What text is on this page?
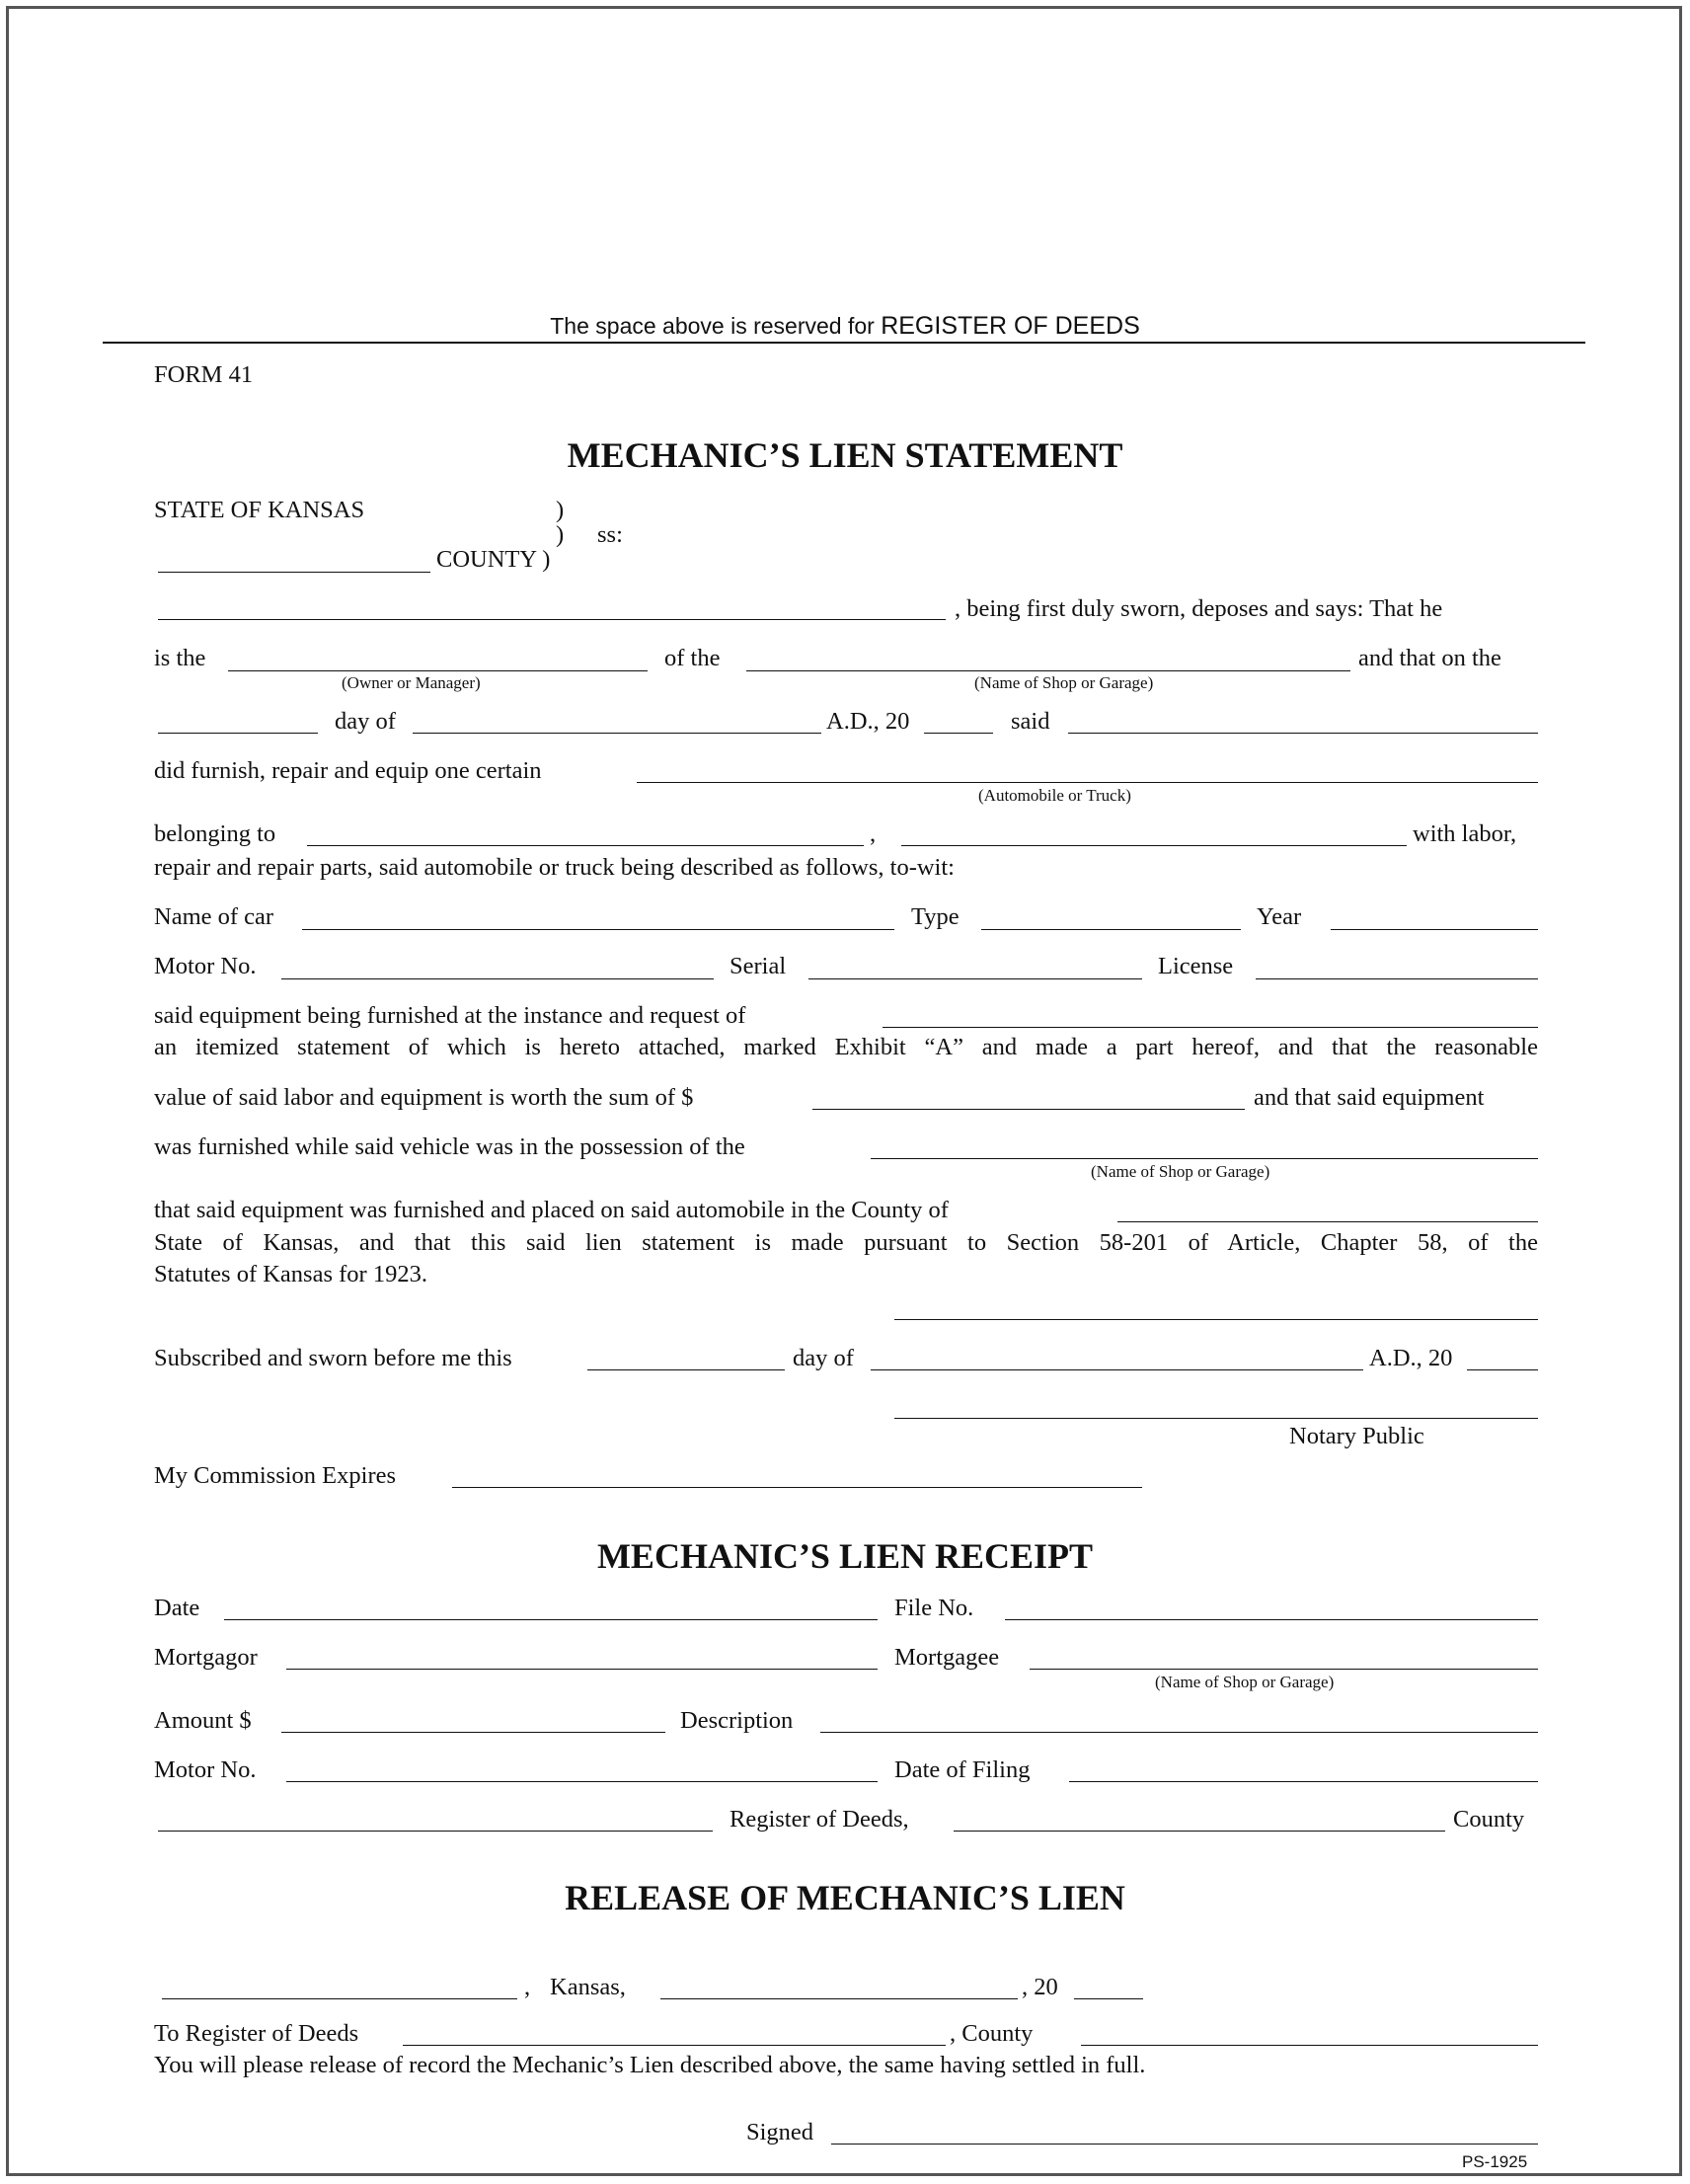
The space above is reserved for REGISTER OF DEEDS
FORM 41
MECHANIC’S LIEN STATEMENT
STATE OF KANSAS	)
) ss:
COUNTY )
, being first duly sworn, deposes and says: That he
is the
(Owner or Manager)
of the
(Name of Shop or Garage)
and that on the
day of	A.D., 20	said
did furnish, repair and equip one certain
(Automobile or Truck)
belonging to	,	with labor,
repair and repair parts, said automobile or truck being described as follows, to-wit:
Name of car	Type	Year
Motor No.	Serial	License
said equipment being furnished at the instance and request of
an itemized statement of which is hereto attached, marked Exhibit “A” and made a part hereof, and that the reasonable
value of said labor and equipment is worth the sum of $	and that said equipment
was furnished while said vehicle was in the possession of the
(Name of Shop or Garage)
that said equipment was furnished and placed on said automobile in the County of
State of Kansas, and that this said lien statement is made pursuant to Section 58-201 of Article, Chapter 58, of the
Statutes of Kansas for 1923.
Subscribed and sworn before me this	day of	A.D., 20
Notary Public
My Commission Expires
MECHANIC’S LIEN RECEIPT
Date	File No.
Mortgagor	Mortgagee
(Name of Shop or Garage)
Amount $	Description
Motor No.	Date of Filing
Register of Deeds,	County
RELEASE OF MECHANIC’S LIEN
, Kansas,	, 20
To Register of Deeds	, County
You will please release of record the Mechanic’s Lien described above, the same having settled in full.
Signed
PS-1925
